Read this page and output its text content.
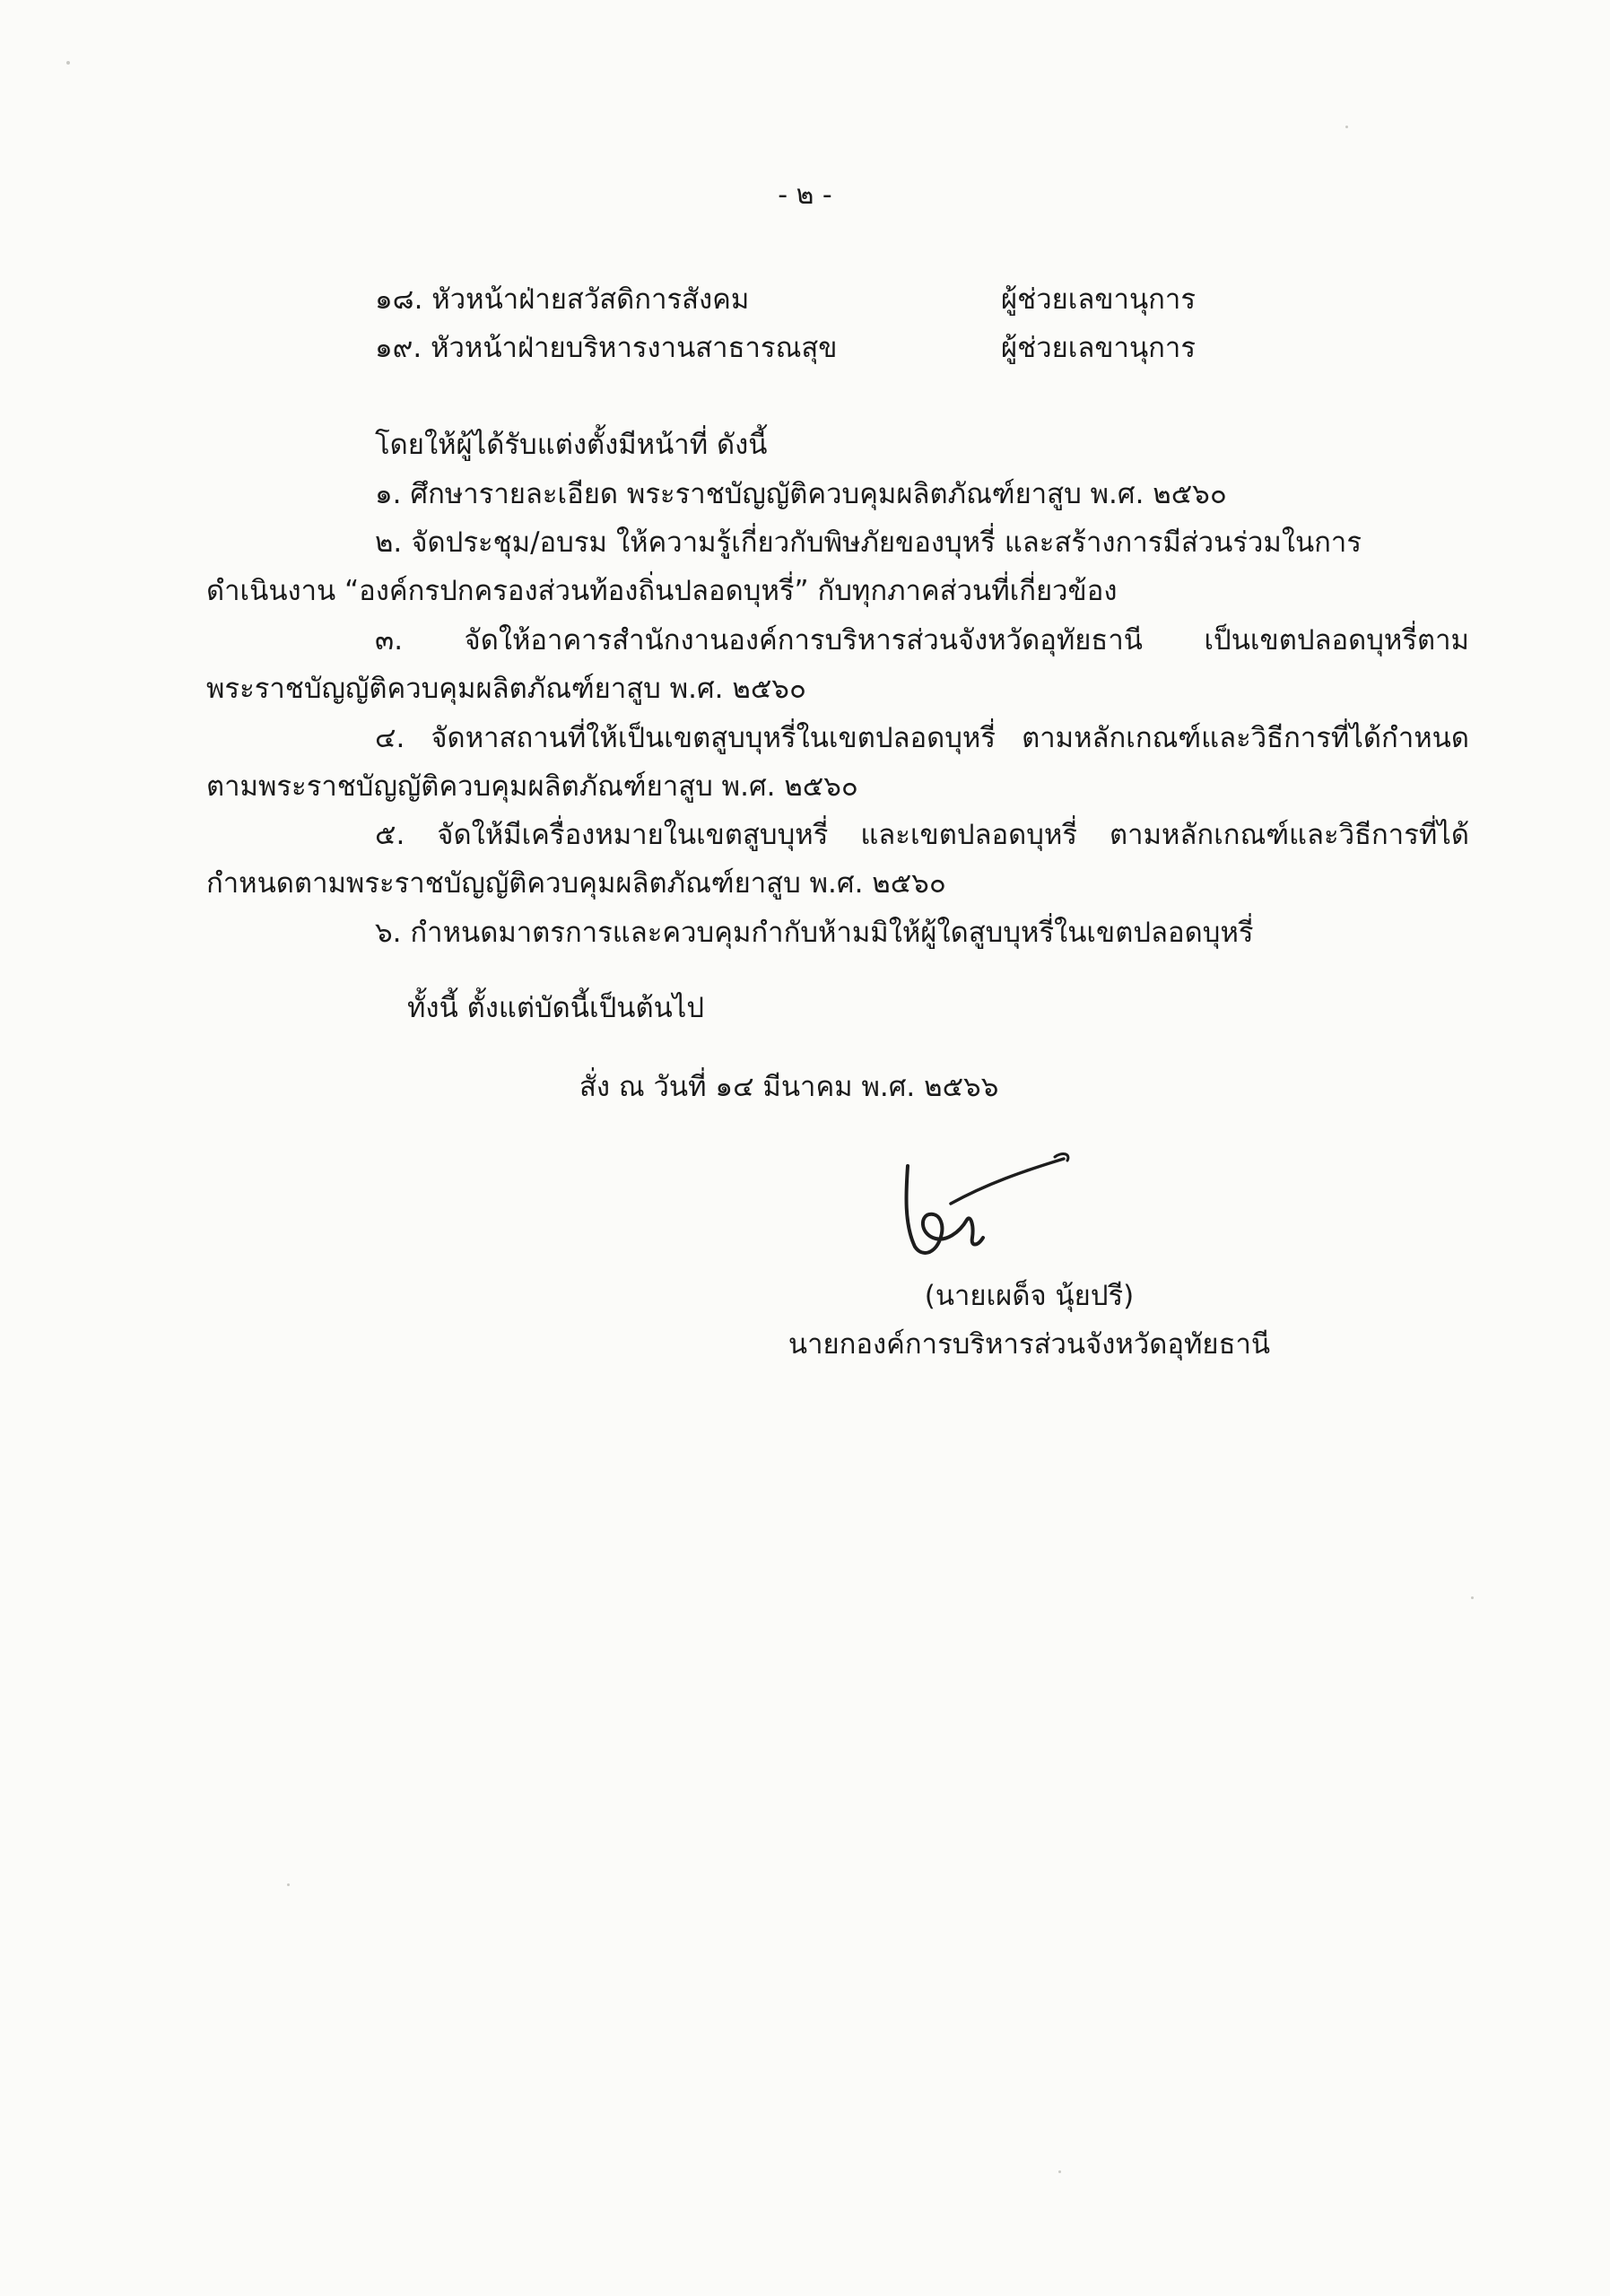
- ๒ -
๑๘. หัวหน้าฝ่ายสวัสดิการสังคม	ผู้ช่วยเลขานุการ
๑๙. หัวหน้าฝ่ายบริหารงานสาธารณสุข	ผู้ช่วยเลขานุการ
โดยให้ผู้ได้รับแต่งตั้งมีหน้าที่ ดังนี้
๑. ศึกษารายละเอียด พระราชบัญญัติควบคุมผลิตภัณฑ์ยาสูบ พ.ศ. ๒๕๖๐
๒. จัดประชุม/อบรม ให้ความรู้เกี่ยวกับพิษภัยของบุหรี่ และสร้างการมีส่วนร่วมในการ
ดำเนินงาน “องค์กรปกครองส่วนท้องถิ่นปลอดบุหรี่” กับทุกภาคส่วนที่เกี่ยวข้อง
๓. จัดให้อาคารสำนักงานองค์การบริหารส่วนจังหวัดอุทัยธานี เป็นเขตปลอดบุหรี่ตาม
พระราชบัญญัติควบคุมผลิตภัณฑ์ยาสูบ พ.ศ. ๒๕๖๐
๔. จัดหาสถานที่ให้เป็นเขตสูบบุหรี่ในเขตปลอดบุหรี่ ตามหลักเกณฑ์และวิธีการที่ได้กำหนด
ตามพระราชบัญญัติควบคุมผลิตภัณฑ์ยาสูบ พ.ศ. ๒๕๖๐
๕. จัดให้มีเครื่องหมายในเขตสูบบุหรี่ และเขตปลอดบุหรี่ ตามหลักเกณฑ์และวิธีการที่ได้
กำหนดตามพระราชบัญญัติควบคุมผลิตภัณฑ์ยาสูบ พ.ศ. ๒๕๖๐
๖. กำหนดมาตรการและควบคุมกำกับห้ามมิให้ผู้ใดสูบบุหรี่ในเขตปลอดบุหรี่
ทั้งนี้ ตั้งแต่บัดนี้เป็นต้นไป
สั่ง ณ วันที่ ๑๔ มีนาคม พ.ศ. ๒๕๖๖
(นายเผด็จ นุ้ยปรี)
นายกองค์การบริหารส่วนจังหวัดอุทัยธานี
